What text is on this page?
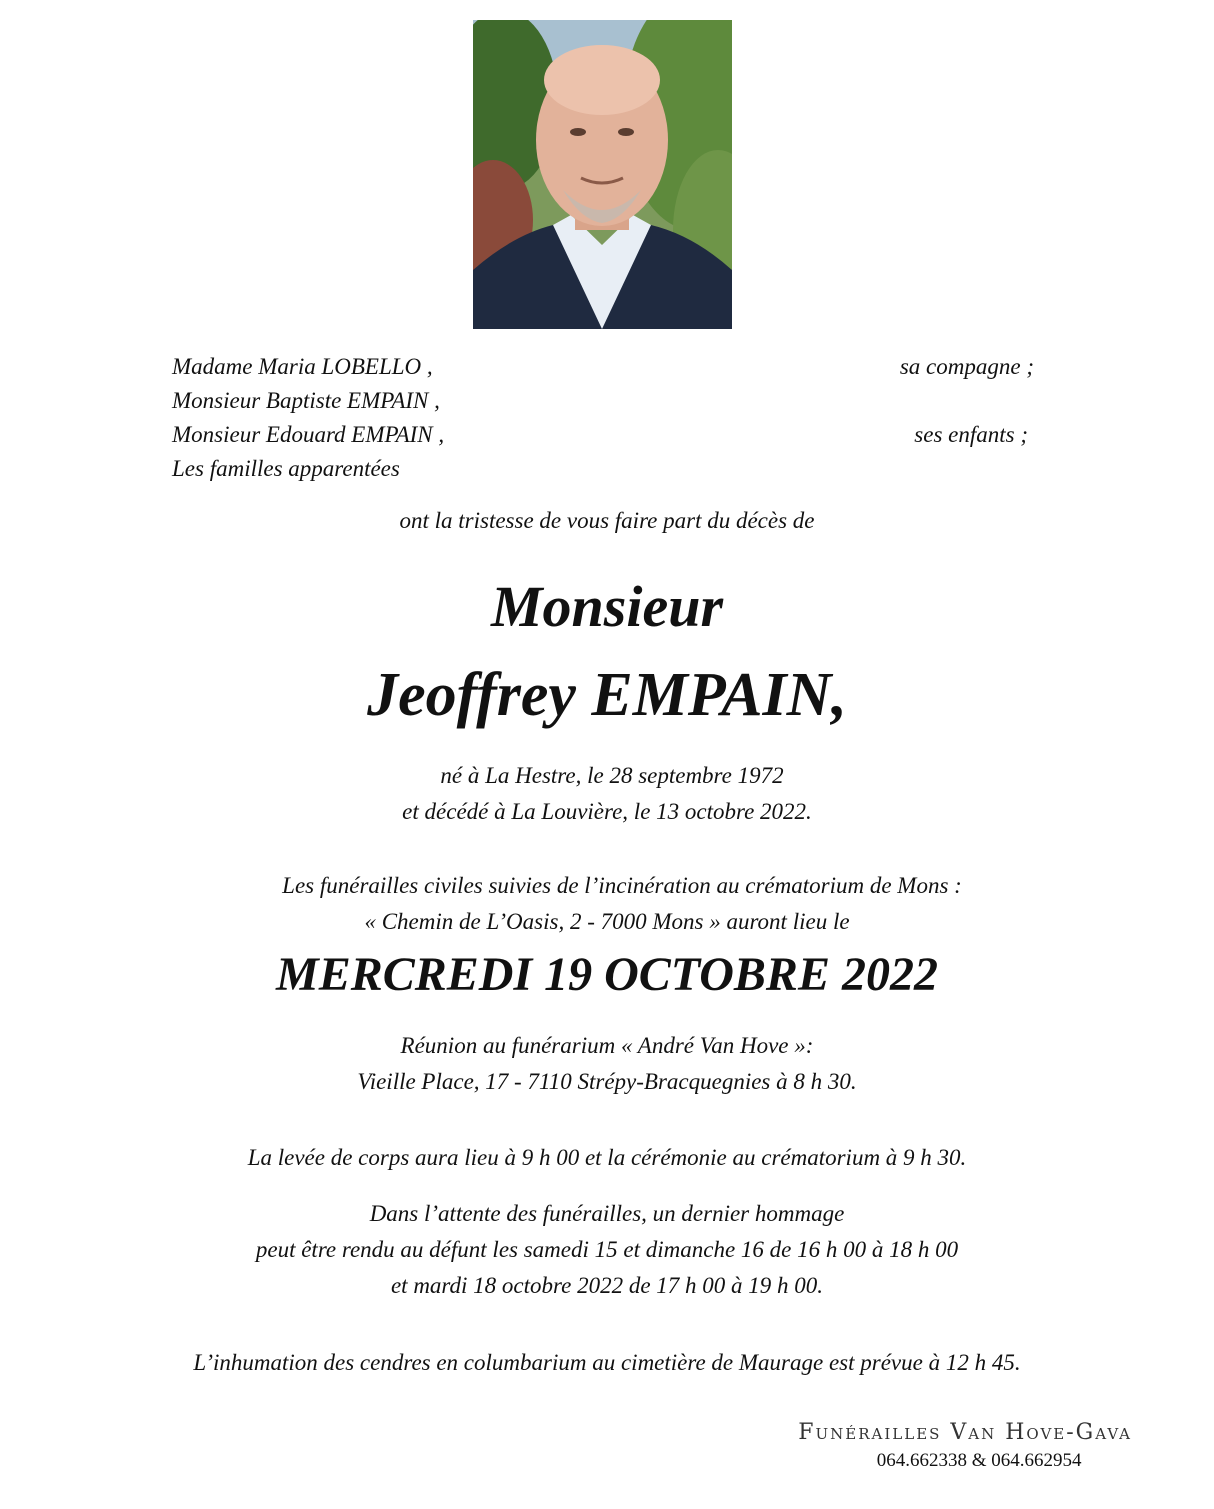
Madame Maria LOBELLO ,	sa compagne ;
Monsieur Baptiste EMPAIN ,
Monsieur Edouard EMPAIN ,	ses enfants ;
Les familles apparentées
ont la tristesse de vous faire part du décès de
Monsieur
Jeoffrey EMPAIN,
né à La Hestre, le 28 septembre 1972
et décédé à La Louvière, le 13 octobre 2022.
Les funérailles civiles suivies de l’incinération au crématorium de Mons :
« Chemin de L’Oasis, 2 - 7000 Mons » auront lieu le
MERCREDI 19 OCTOBRE 2022
Réunion au funérarium « André Van Hove »:
Vieille Place, 17 - 7110 Strépy-Bracquegnies à 8 h 30.
La levée de corps aura lieu à 9 h 00 et la cérémonie au crématorium à 9 h 30.
Dans l’attente des funérailles, un dernier hommage
peut être rendu au défunt les samedi 15 et dimanche 16 de 16 h 00 à 18 h 00
et mardi 18 octobre 2022 de 17 h 00 à 19 h 00.
L’inhumation des cendres en columbarium au cimetière de Maurage est prévue à 12 h 45.
Funérailles Van Hove-Gava
064.662338 & 064.662954
